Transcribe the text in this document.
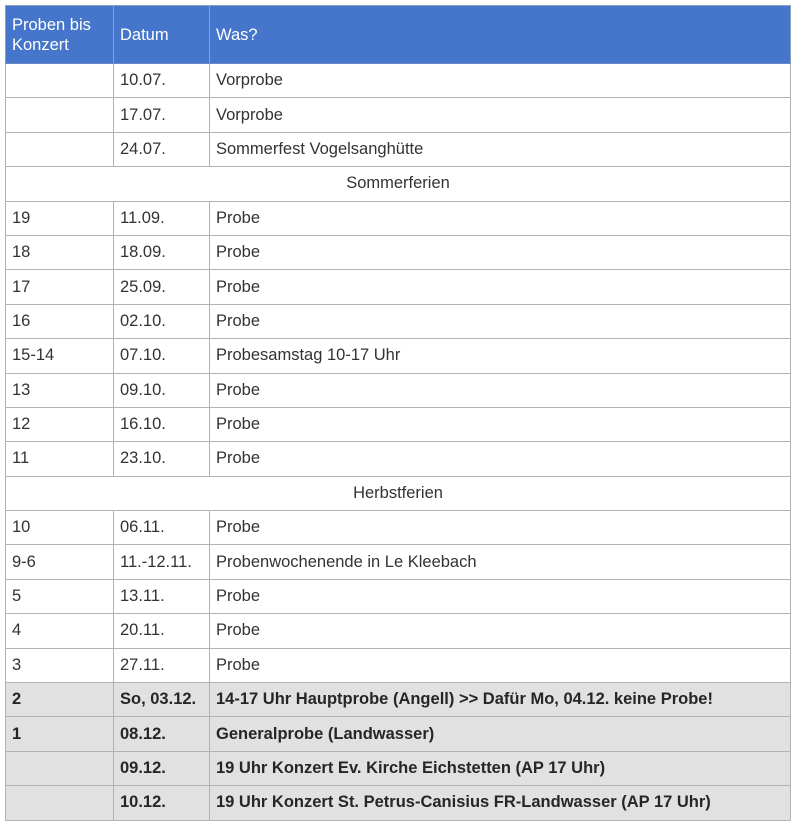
Proben bis Konzert	Datum	Was?
	10.07.	Vorprobe
	17.07.	Vorprobe
	24.07.	Sommerfest Vogelsanghütte
Sommerferien		
19	11.09.	Probe
18	18.09.	Probe
17	25.09.	Probe
16	02.10.	Probe
15-14	07.10.	Probesamstag 10-17 Uhr
13	09.10.	Probe
12	16.10.	Probe
11	23.10.	Probe
Herbstferien		
10	06.11.	Probe
9-6	11.-12.11.	Probenwochenende in Le Kleebach
5	13.11.	Probe
4	20.11.	Probe
3	27.11.	Probe
2	So, 03.12.	14-17 Uhr Hauptprobe (Angell) >> Dafür Mo, 04.12. keine Probe!
1	08.12.	Generalprobe (Landwasser)
	09.12.	19 Uhr Konzert Ev. Kirche Eichstetten (AP 17 Uhr)
	10.12.	19 Uhr Konzert St. Petrus-Canisius FR-Landwasser (AP 17 Uhr)
